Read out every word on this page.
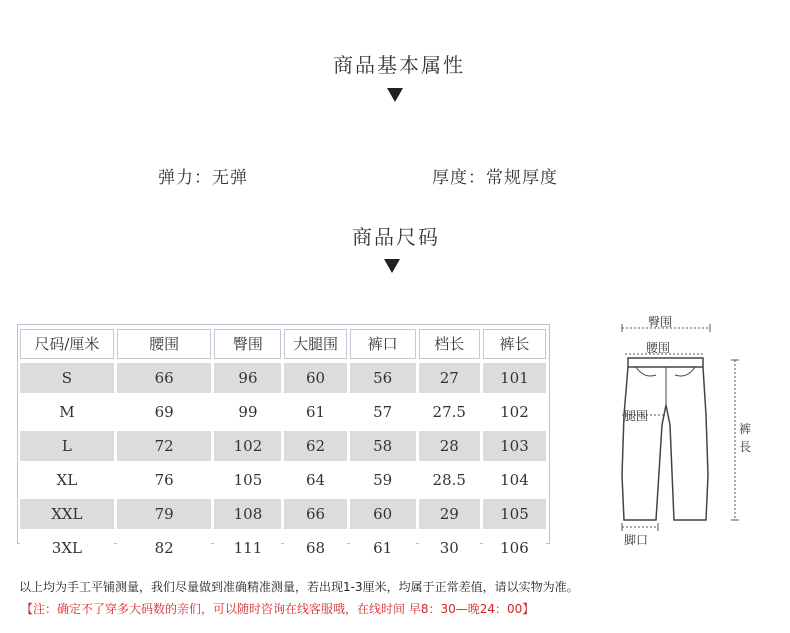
商品基本属性
弹力：无弹	厚度：常规厚度
商品尺码
尺码/厘米	腰围	臀围	大腿围	裤口	档长	裤长
S	66	96	60	56	27	101
M	69	99	61	57	27.5	102
L	72	102	62	58	28	103
XL	76	105	64	59	28.5	104
XXL	79	108	66	60	29	105
3XL	82	111	68	61	30	106
臀围
腰围
腿围
裤
長
脚口
以上均为手工平铺测量，我们尽量做到准确精准测量，若出现1-3厘米，均属于正常差值，请以实物为准。
【注：确定不了穿多大码数的亲们，可以随时咨询在线客服哦，在线时间 早8：30—晚24：00】
